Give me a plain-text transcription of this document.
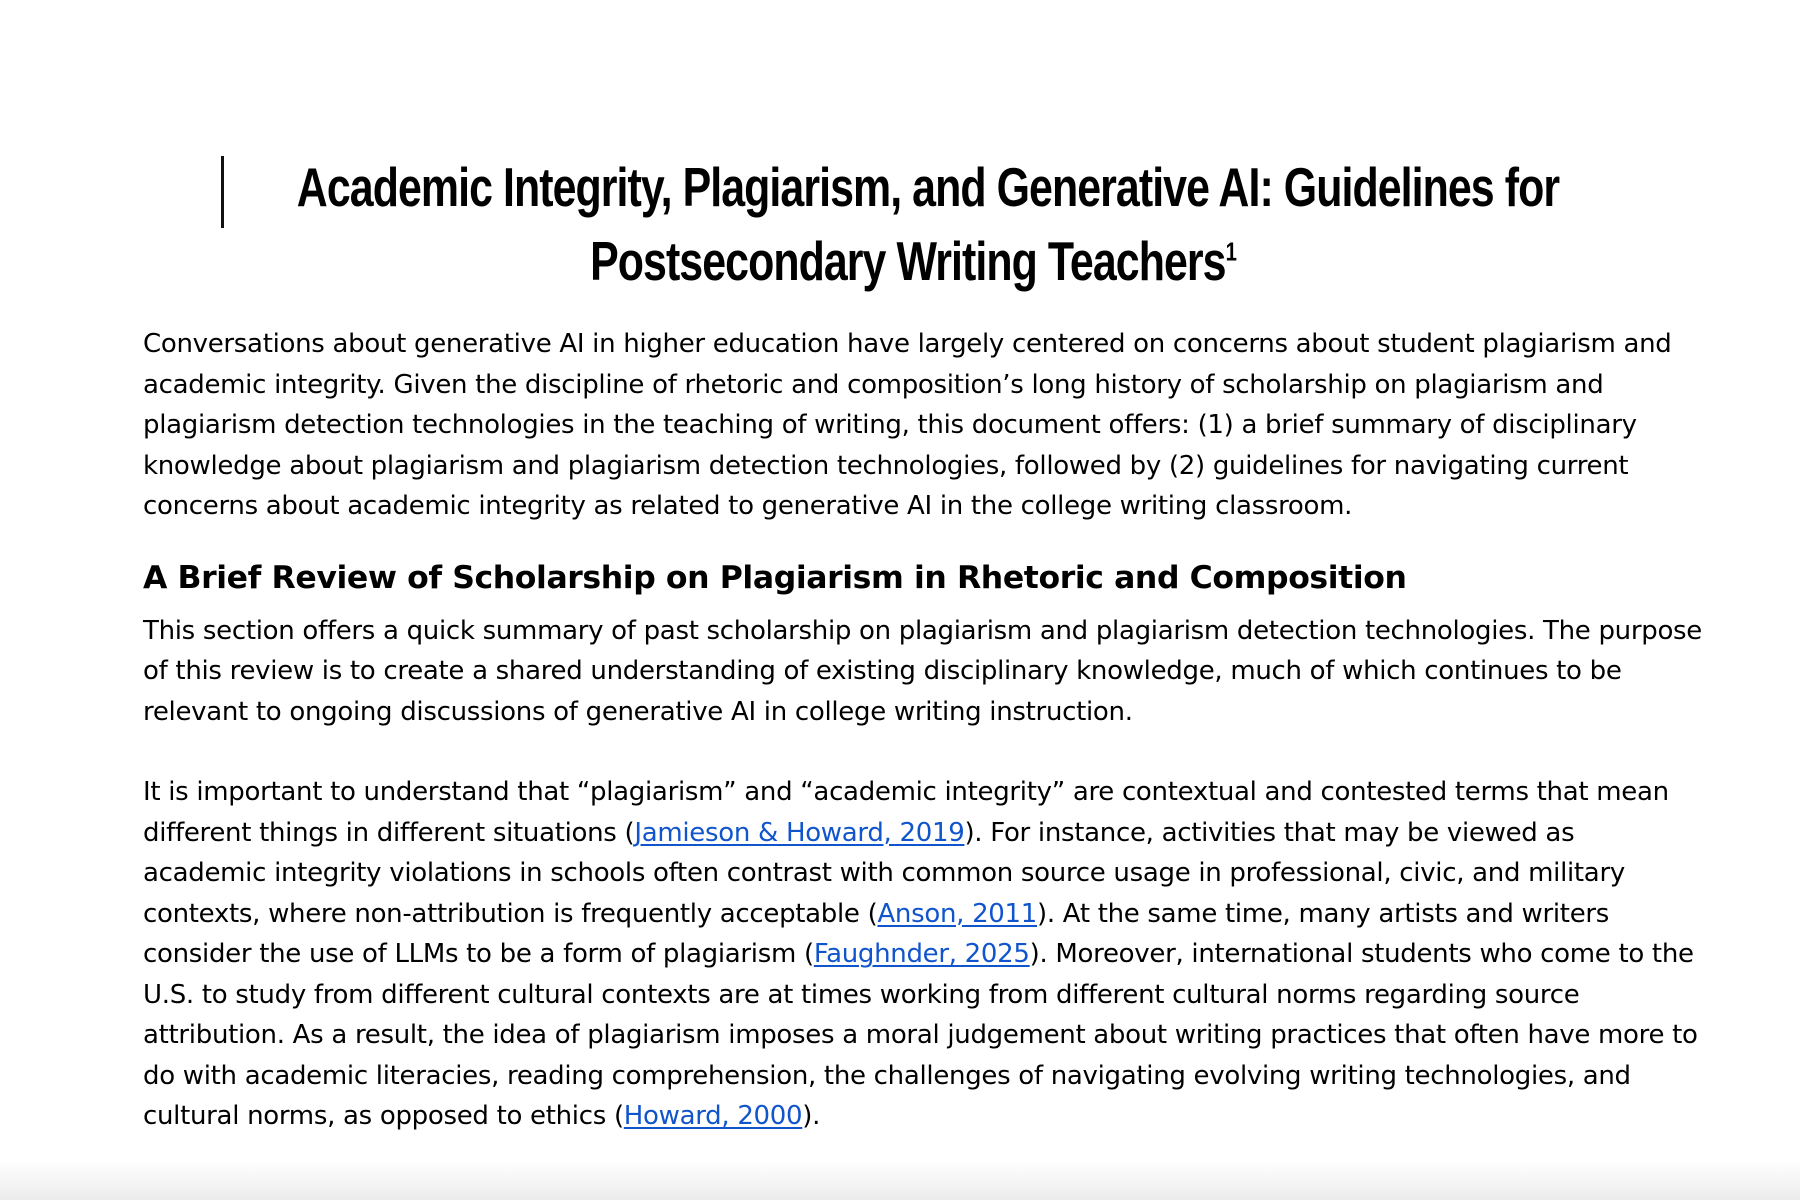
Academic Integrity, Plagiarism, and Generative AI: Guidelines for
Postsecondary Writing Teachers$^1$

Conversations about generative AI in higher education have largely centered on concerns about student plagiarism and academic integrity. Given the discipline of rhetoric and composition’s long history of scholarship on plagiarism and plagiarism detection technologies in the teaching of writing, this document offers: (1) a brief summary of disciplinary knowledge about plagiarism and plagiarism detection technologies, followed by (2) guidelines for navigating current concerns about academic integrity as related to generative AI in the college writing classroom.

A Brief Review of Scholarship on Plagiarism in Rhetoric and Composition

This section offers a quick summary of past scholarship on plagiarism and plagiarism detection technologies. The purpose of this review is to create a shared understanding of existing disciplinary knowledge, much of which continues to be relevant to ongoing discussions of generative AI in college writing instruction.

It is important to understand that “plagiarism” and “academic integrity” are contextual and contested terms that mean different things in different situations (Jamieson & Howard, 2019). For instance, activities that may be viewed as academic integrity violations in schools often contrast with common source usage in professional, civic, and military contexts, where non-attribution is frequently acceptable (Anson, 2011). At the same time, many artists and writers consider the use of LLMs to be a form of plagiarism (Faughnder, 2025). Moreover, international students who come to the U.S. to study from different cultural contexts are at times working from different cultural norms regarding source attribution. As a result, the idea of plagiarism imposes a moral judgement about writing practices that often have more to do with academic literacies, reading comprehension, the challenges of navigating evolving writing technologies, and cultural norms, as opposed to ethics (Howard, 2000).
